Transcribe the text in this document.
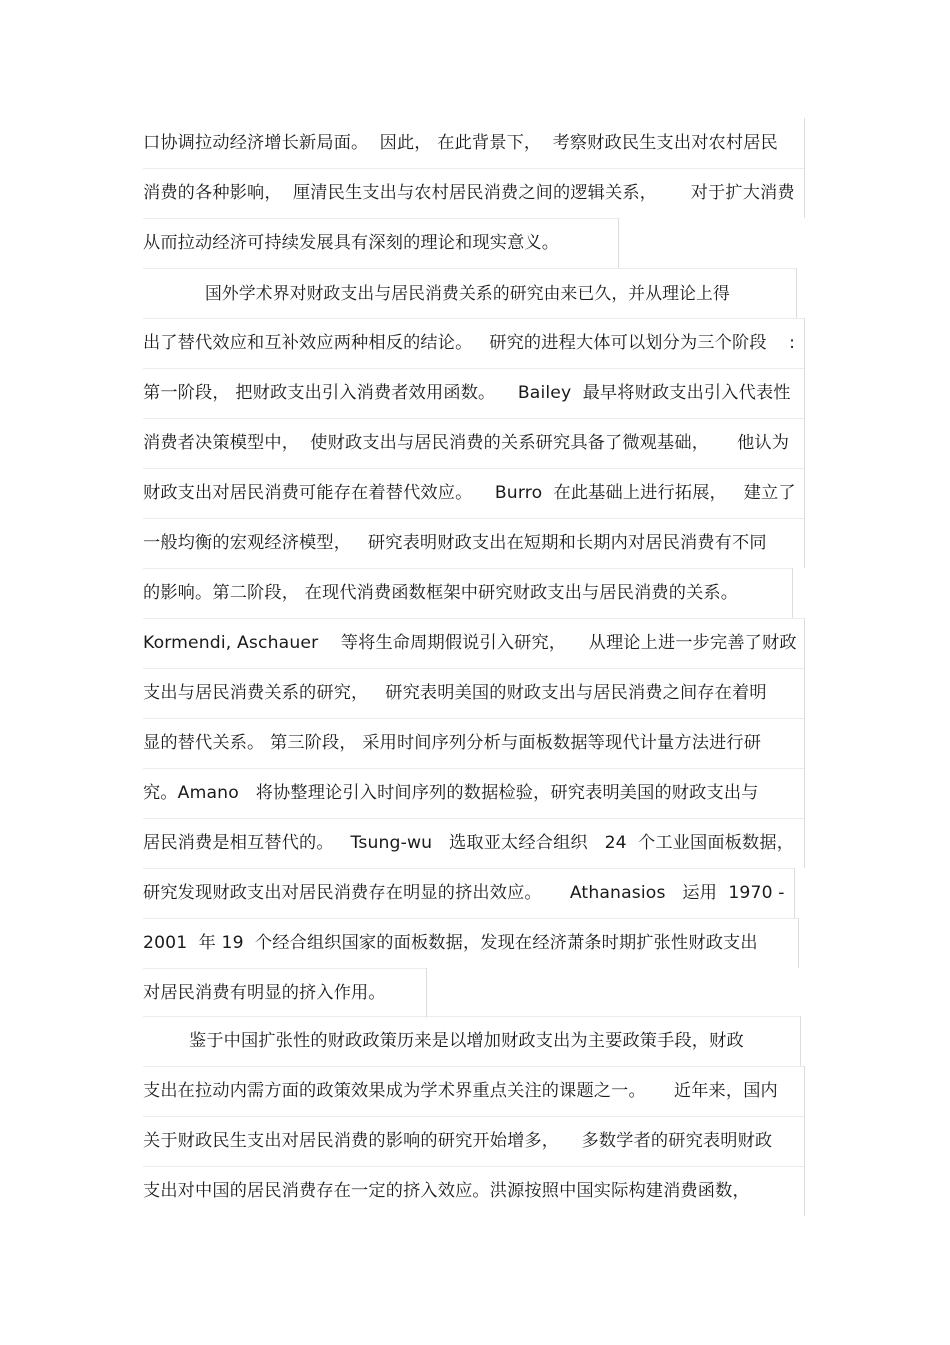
口协调拉动经济增长新局面。  因此， 在此背景下，  考察财政民生支出对农村居民
消费的各种影响，  厘清民生支出与农村居民消费之间的逻辑关系，      对于扩大消费
从而拉动经济可持续发展具有深刻的理论和现实意义。
国外学术界对财政支出与居民消费关系的研究由来已久，并从理论上得
出了替代效应和互补效应两种相反的结论。   研究的进程大体可以划分为三个阶段    :
第一阶段， 把财政支出引入消费者效用函数。    Bailey  最早将财政支出引入代表性
消费者决策模型中，  使财政支出与居民消费的关系研究具备了微观基础，     他认为
财政支出对居民消费可能存在着替代效应。    Burro  在此基础上进行拓展，   建立了
一般均衡的宏观经济模型，   研究表明财政支出在短期和长期内对居民消费有不同
的影响。第二阶段， 在现代消费函数框架中研究财政支出与居民消费的关系。
Kormendi, Aschauer    等将生命周期假说引入研究，    从理论上进一步完善了财政
支出与居民消费关系的研究，   研究表明美国的财政支出与居民消费之间存在着明
显的替代关系。 第三阶段， 采用时间序列分析与面板数据等现代计量方法进行研
究。Amano   将协整理论引入时间序列的数据检验，研究表明美国的财政支出与
居民消费是相互替代的。   Tsung-wu   选取亚太经合组织   24  个工业国面板数据，
研究发现财政支出对居民消费存在明显的挤出效应。     Athanasios   运用  1970 -
2001  年 19  个经合组织国家的面板数据，发现在经济萧条时期扩张性财政支出
对居民消费有明显的挤入作用。
鉴于中国扩张性的财政政策历来是以增加财政支出为主要政策手段，财政
支出在拉动内需方面的政策效果成为学术界重点关注的课题之一。     近年来，国内
关于财政民生支出对居民消费的影响的研究开始增多，    多数学者的研究表明财政
支出对中国的居民消费存在一定的挤入效应。洪源按照中国实际构建消费函数，
